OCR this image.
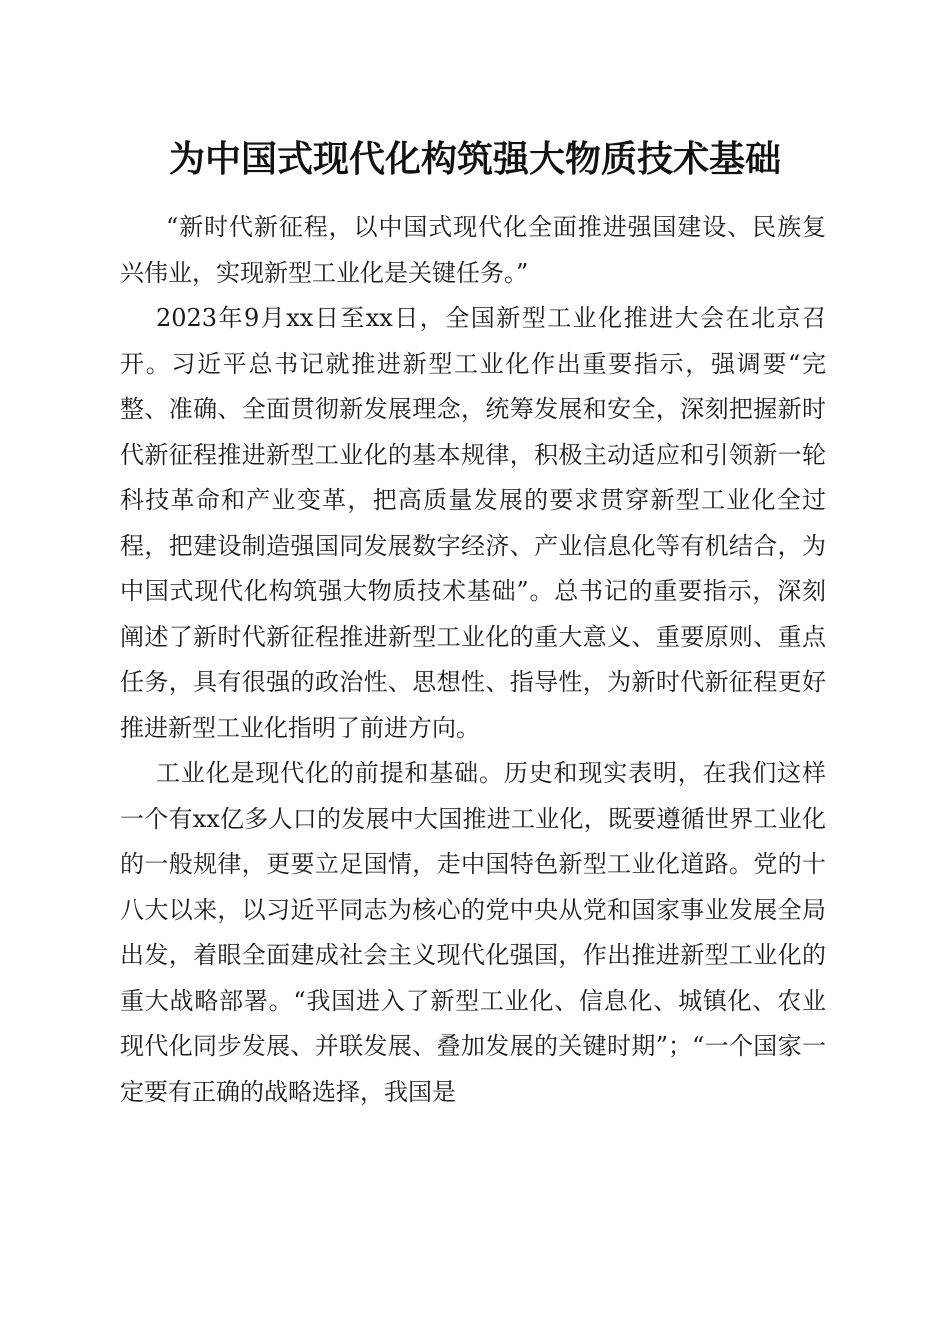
为中国式现代化构筑强大物质技术基础

“新时代新征程，以中国式现代化全面推进强国建设、民族复兴伟业，实现新型工业化是关键任务。”

2023年9月xx日至xx日，全国新型工业化推进大会在北京召开。习近平总书记就推进新型工业化作出重要指示，强调要“完整、准确、全面贯彻新发展理念，统筹发展和安全，深刻把握新时代新征程推进新型工业化的基本规律，积极主动适应和引领新一轮科技革命和产业变革，把高质量发展的要求贯穿新型工业化全过程，把建设制造强国同发展数字经济、产业信息化等有机结合，为中国式现代化构筑强大物质技术基础”。总书记的重要指示，深刻阐述了新时代新征程推进新型工业化的重大意义、重要原则、重点任务，具有很强的政治性、思想性、指导性，为新时代新征程更好推进新型工业化指明了前进方向。

工业化是现代化的前提和基础。历史和现实表明，在我们这样一个有xx亿多人口的发展中大国推进工业化，既要遵循世界工业化的一般规律，更要立足国情，走中国特色新型工业化道路。党的十八大以来，以习近平同志为核心的党中央从党和国家事业发展全局出发，着眼全面建成社会主义现代化强国，作出推进新型工业化的重大战略部署。“我国进入了新型工业化、信息化、城镇化、农业现代化同步发展、并联发展、叠加发展的关键时期”；“一个国家一定要有正确的战略选择，我国是
